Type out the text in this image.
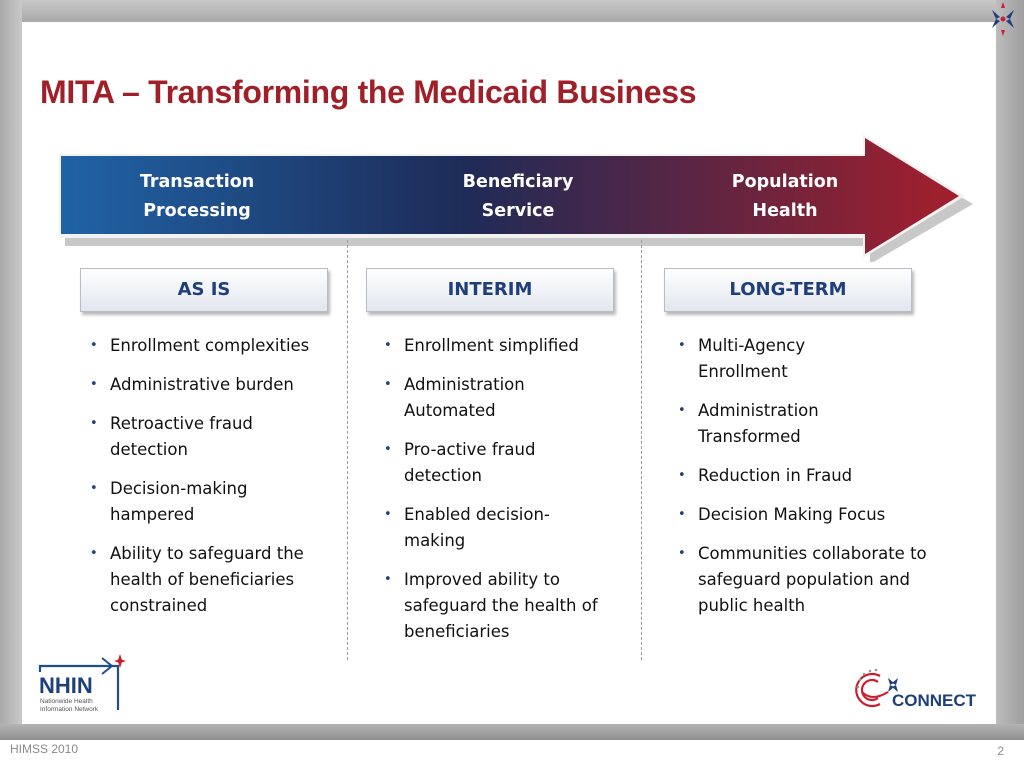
MITA – Transforming the Medicaid Business
Transaction
Processing
Beneficiary
Service
Population
Health
AS IS	INTERIM	LONG-TERM
• Enrollment complexities
• Administrative burden
• Retroactive fraud detection
• Decision-making hampered
• Ability to safeguard the health of beneficiaries constrained
• Enrollment simplified
• Administration Automated
• Pro-active fraud detection
• Enabled decision-making
• Improved ability to safeguard the health of beneficiaries
• Multi-Agency Enrollment
• Administration Transformed
• Reduction in Fraud
• Decision Making Focus
• Communities collaborate to safeguard population and public health
NHIN
Nationwide Health
Information Network	CONNECT
HIMSS 2010	2
